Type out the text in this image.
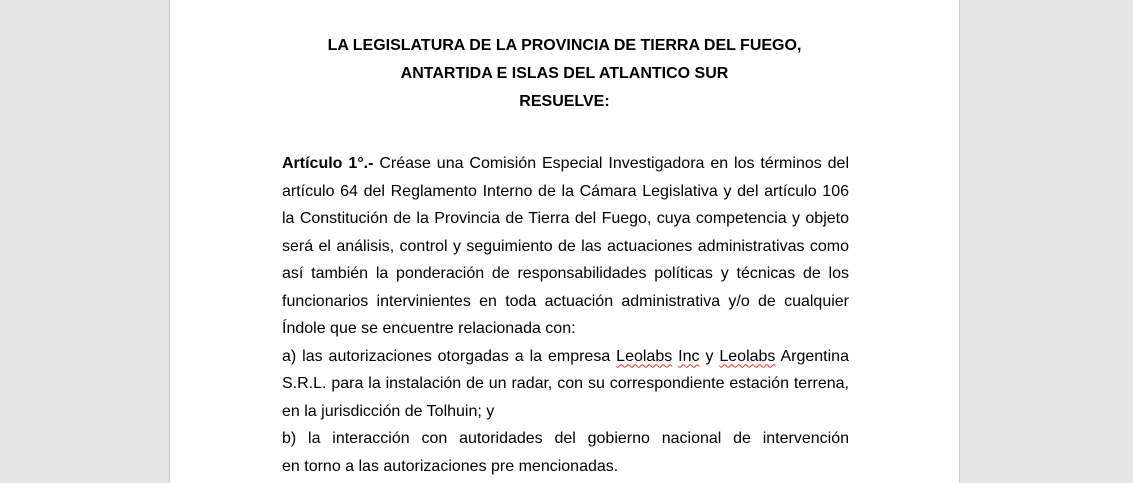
LA LEGISLATURA DE LA PROVINCIA DE TIERRA DEL FUEGO,
ANTARTIDA E ISLAS DEL ATLANTICO SUR
RESUELVE:
Artículo 1°.- Créase una Comisión Especial Investigadora en los términos del
artículo 64 del Reglamento Interno de la Cámara Legislativa y del artículo 106
la Constitución de la Provincia de Tierra del Fuego, cuya competencia y objeto
será el análisis, control y seguimiento de las actuaciones administrativas como
así también la ponderación de responsabilidades políticas y técnicas de los
funcionarios intervinientes en toda actuación administrativa y/o de cualquier
Índole que se encuentre relacionada con:
a) las autorizaciones otorgadas a la empresa Leolabs Inc y Leolabs Argentina
S.R.L. para la instalación de un radar, con su correspondiente estación terrena,
en la jurisdicción de Tolhuin; y
b) la interacción con autoridades del gobierno nacional de intervención
en torno a las autorizaciones pre mencionadas.
